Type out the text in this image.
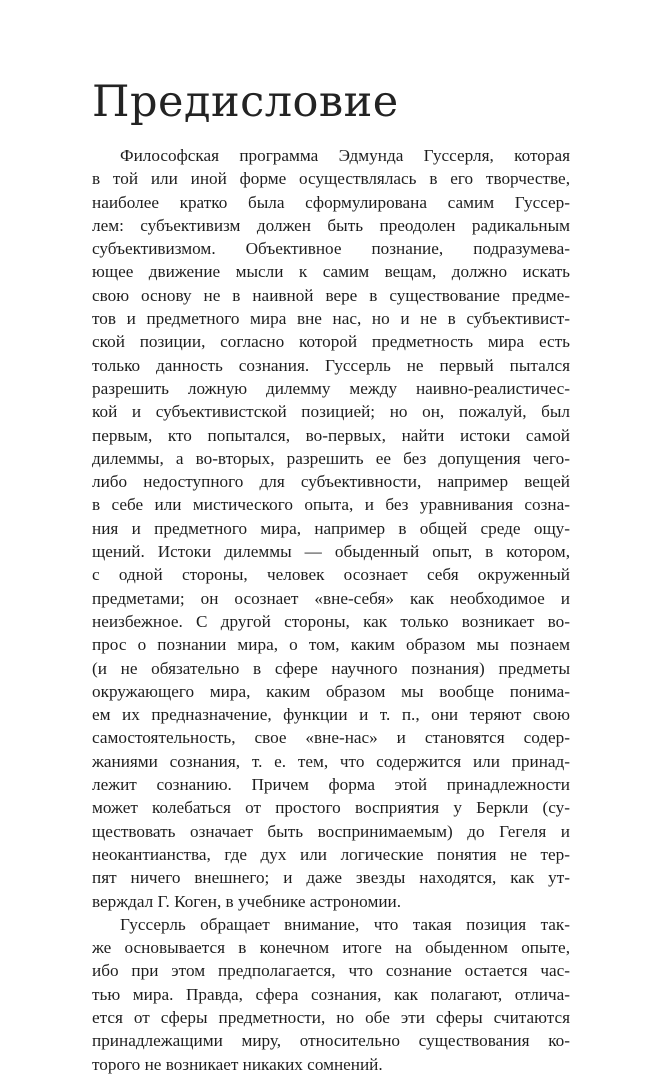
Предисловие
Философская программа Эдмунда Гуссерля, которая
в той или иной форме осуществлялась в его творчестве,
наиболее кратко была сформулирована самим Гуссер-
лем: субъективизм должен быть преодолен радикальным
субъективизмом. Объективное познание, подразумева-
ющее движение мысли к самим вещам, должно искать
свою основу не в наивной вере в существование предме-
тов и предметного мира вне нас, но и не в субъективист-
ской позиции, согласно которой предметность мира есть
только данность сознания. Гуссерль не первый пытался
разрешить ложную дилемму между наивно-реалистичес-
кой и субъективистской позицией; но он, пожалуй, был
первым, кто попытался, во-первых, найти истоки самой
дилеммы, а во-вторых, разрешить ее без допущения чего-
либо недоступного для субъективности, например вещей
в себе или мистического опыта, и без уравнивания созна-
ния и предметного мира, например в общей среде ощу-
щений. Истоки дилеммы — обыденный опыт, в котором,
с одной стороны, человек осознает себя окруженный
предметами; он осознает «вне-себя» как необходимое и
неизбежное. С другой стороны, как только возникает во-
прос о познании мира, о том, каким образом мы познаем
(и не обязательно в сфере научного познания) предметы
окружающего мира, каким образом мы вообще понима-
ем их предназначение, функции и т. п., они теряют свою
самостоятельность, свое «вне-нас» и становятся содер-
жаниями сознания, т. е. тем, что содержится или принад-
лежит сознанию. Причем форма этой принадлежности
может колебаться от простого восприятия у Беркли (су-
ществовать означает быть воспринимаемым) до Гегеля и
неокантианства, где дух или логические понятия не тер-
пят ничего внешнего; и даже звезды находятся, как ут-
верждал Г. Коген, в учебнике астрономии.
Гуссерль обращает внимание, что такая позиция так-
же основывается в конечном итоге на обыденном опыте,
ибо при этом предполагается, что сознание остается час-
тью мира. Правда, сфера сознания, как полагают, отлича-
ется от сферы предметности, но обе эти сферы считаются
принадлежащими миру, относительно существования ко-
торого не возникает никаких сомнений.
